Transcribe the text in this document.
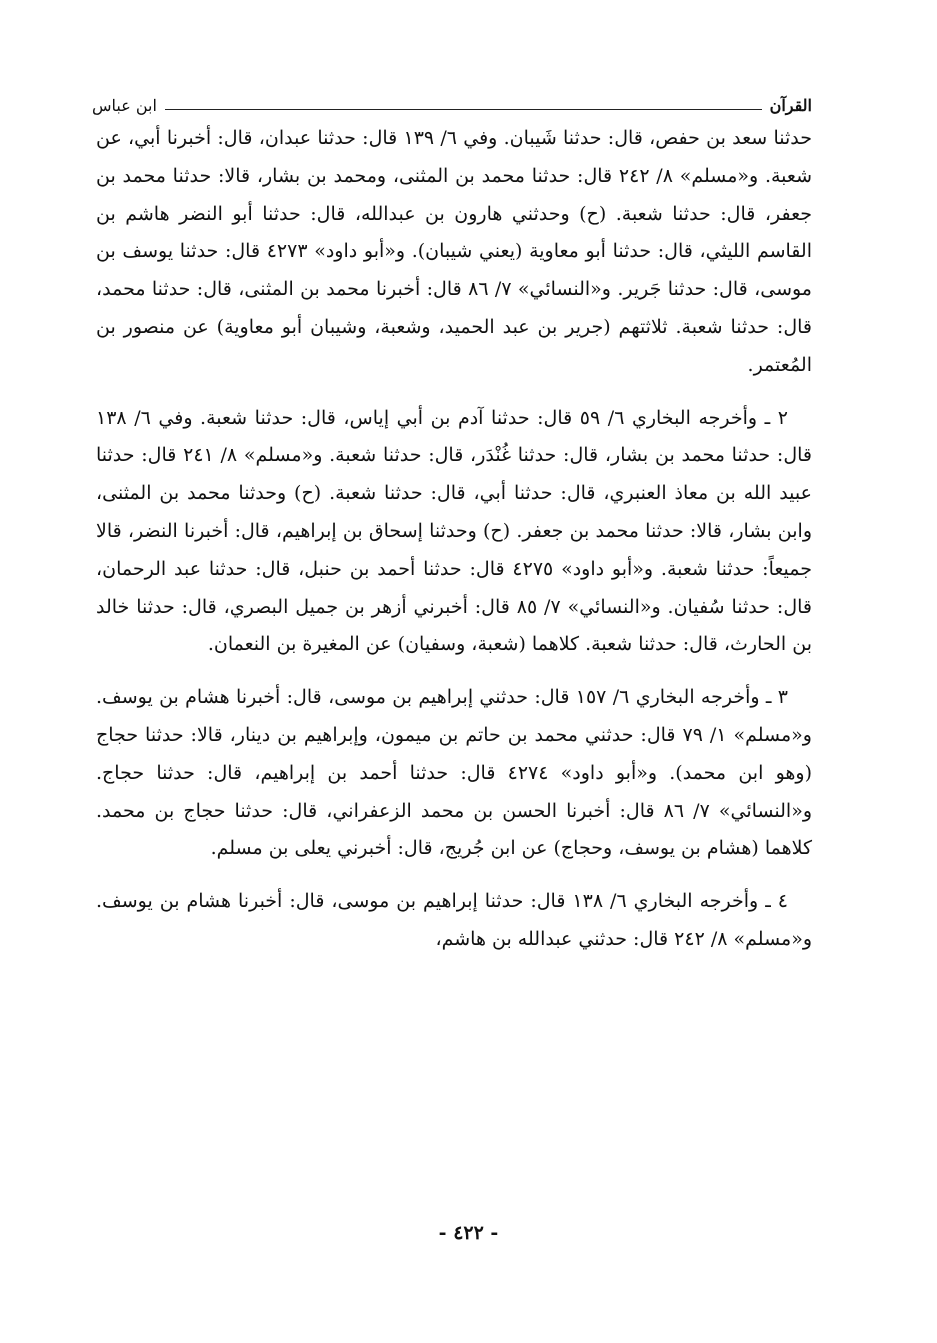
القرآن
ابن عباس

حدثنا سعد بن حفص، قال: حدثنا شَيبان. وفي ٦/ ١٣٩ قال: حدثنا عبدان، قال: أخبرنا أبي، عن شعبة. و«مسلم» ٨/ ٢٤٢ قال: حدثنا محمد بن المثنى، ومحمد بن بشار، قالا: حدثنا محمد بن جعفر، قال: حدثنا شعبة. (ح) وحدثني هارون بن عبدالله، قال: حدثنا أبو النضر هاشم بن القاسم الليثي، قال: حدثنا أبو معاوية (يعني شيبان). و«أبو داود» ٤٢٧٣ قال: حدثنا يوسف بن موسى، قال: حدثنا جَرير. و«النسائي» ٧/ ٨٦ قال: أخبرنا محمد بن المثنى، قال: حدثنا محمد، قال: حدثنا شعبة. ثلاثتهم (جرير بن عبد الحميد، وشعبة، وشيبان أبو معاوية) عن منصور بن المُعتمر.

٢ ـ وأخرجه البخاري ٦/ ٥٩ قال: حدثنا آدم بن أبي إياس، قال: حدثنا شعبة. وفي ٦/ ١٣٨ قال: حدثنا محمد بن بشار، قال: حدثنا غُنْدَر، قال: حدثنا شعبة. و«مسلم» ٨/ ٢٤١ قال: حدثنا عبيد الله بن معاذ العنبري، قال: حدثنا أبي، قال: حدثنا شعبة. (ح) وحدثنا محمد بن المثنى، وابن بشار، قالا: حدثنا محمد بن جعفر. (ح) وحدثنا إسحاق بن إبراهيم، قال: أخبرنا النضر، قالا جميعاً: حدثنا شعبة. و«أبو داود» ٤٢٧٥ قال: حدثنا أحمد بن حنبل، قال: حدثنا عبد الرحمان، قال: حدثنا سُفيان. و«النسائي» ٧/ ٨٥ قال: أخبرني أزهر بن جميل البصري، قال: حدثنا خالد بن الحارث، قال: حدثنا شعبة. كلاهما (شعبة، وسفيان) عن المغيرة بن النعمان.

٣ ـ وأخرجه البخاري ٦/ ١٥٧ قال: حدثني إبراهيم بن موسى، قال: أخبرنا هشام بن يوسف. و«مسلم» ١/ ٧٩ قال: حدثني محمد بن حاتم بن ميمون، وإبراهيم بن دينار، قالا: حدثنا حجاج (وهو ابن محمد). و«أبو داود» ٤٢٧٤ قال: حدثنا أحمد بن إبراهيم، قال: حدثنا حجاج. و«النسائي» ٧/ ٨٦ قال: أخبرنا الحسن بن محمد الزعفراني، قال: حدثنا حجاج بن محمد. كلاهما (هشام بن يوسف، وحجاج) عن ابن جُريج، قال: أخبرني يعلى بن مسلم.

٤ ـ وأخرجه البخاري ٦/ ١٣٨ قال: حدثنا إبراهيم بن موسى، قال: أخبرنا هشام بن يوسف. و«مسلم» ٨/ ٢٤٢ قال: حدثني عبدالله بن هاشم،

- ٤٢٢ -
